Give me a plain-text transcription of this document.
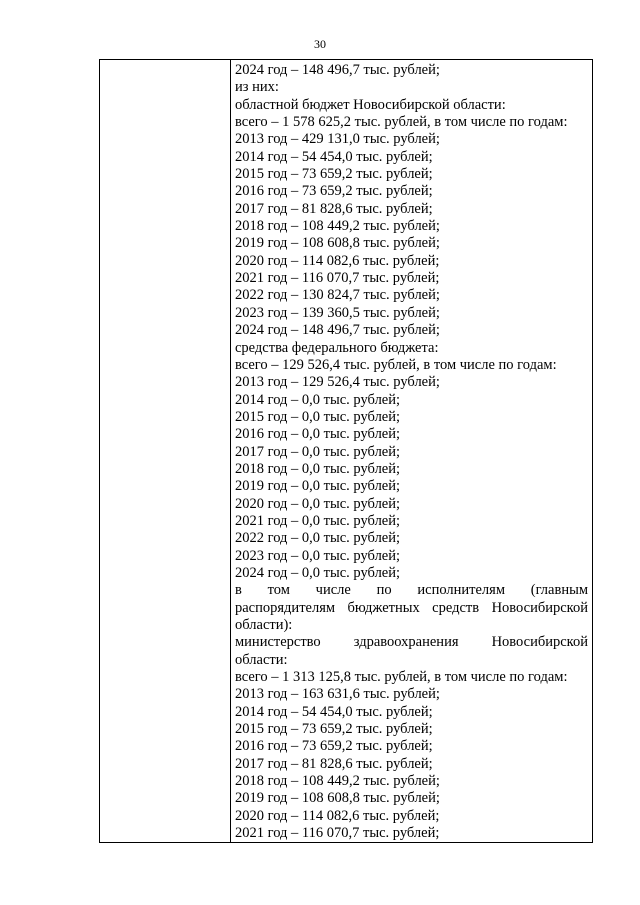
30

2024 год – 148 496,7 тыс. рублей;
из них:
областной бюджет Новосибирской области:
всего – 1 578 625,2 тыс. рублей, в том числе по годам:
2013 год – 429 131,0 тыс. рублей;
2014 год – 54 454,0 тыс. рублей;
2015 год – 73 659,2 тыс. рублей;
2016 год – 73 659,2 тыс. рублей;
2017 год – 81 828,6 тыс. рублей;
2018 год – 108 449,2 тыс. рублей;
2019 год – 108 608,8 тыс. рублей;
2020 год – 114 082,6 тыс. рублей;
2021 год – 116 070,7 тыс. рублей;
2022 год – 130 824,7 тыс. рублей;
2023 год – 139 360,5 тыс. рублей;
2024 год – 148 496,7 тыс. рублей;
средства федерального бюджета:
всего – 129 526,4 тыс. рублей, в том числе по годам:
2013 год – 129 526,4 тыс. рублей;
2014 год – 0,0 тыс. рублей;
2015 год – 0,0 тыс. рублей;
2016 год – 0,0 тыс. рублей;
2017 год – 0,0 тыс. рублей;
2018 год – 0,0 тыс. рублей;
2019 год – 0,0 тыс. рублей;
2020 год – 0,0 тыс. рублей;
2021 год – 0,0 тыс. рублей;
2022 год – 0,0 тыс. рублей;
2023 год – 0,0 тыс. рублей;
2024 год – 0,0 тыс. рублей;
в том числе по исполнителям (главным
распорядителям бюджетных средств Новосибирской
области):
министерство здравоохранения Новосибирской
области:
всего – 1 313 125,8 тыс. рублей, в том числе по годам:
2013 год – 163 631,6 тыс. рублей;
2014 год – 54 454,0 тыс. рублей;
2015 год – 73 659,2 тыс. рублей;
2016 год – 73 659,2 тыс. рублей;
2017 год – 81 828,6 тыс. рублей;
2018 год – 108 449,2 тыс. рублей;
2019 год – 108 608,8 тыс. рублей;
2020 год – 114 082,6 тыс. рублей;
2021 год – 116 070,7 тыс. рублей;
